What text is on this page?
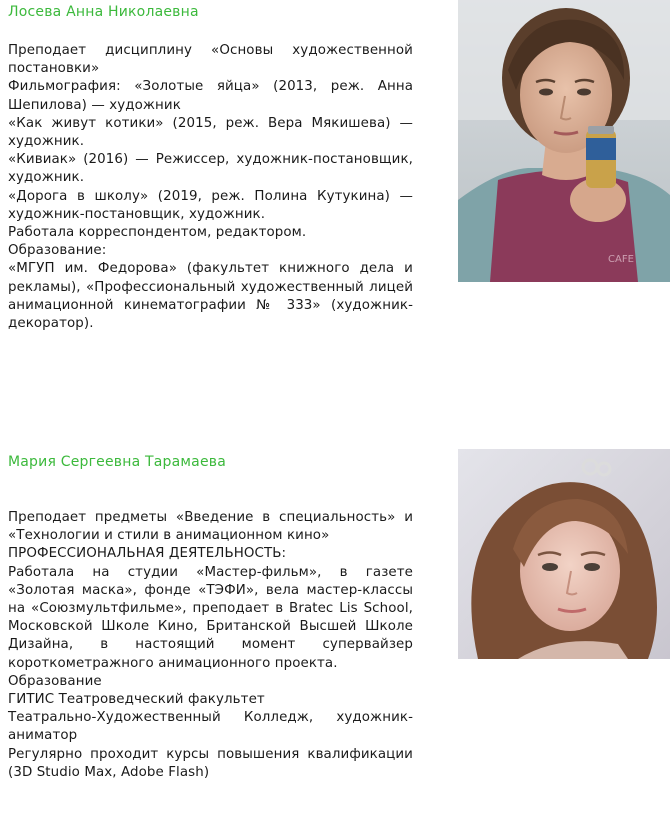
Лосева Анна Николаевна

Преподает дисциплину «Основы художественной постановки»

Фильмография: «Золотые яйца» (2013, реж. Анна Шепилова) — художник

«Как живут котики» (2015, реж. Вера Мякишева) — художник.

«Кивиак» (2016) — Режиссер, художник-постановщик, художник.

«Дорога в школу» (2019, реж. Полина Кутукина) — художник-постановщик, художник.

Работала корреспондентом, редактором.

Образование:

«МГУП им. Федорова» (факультет книжного дела и рекламы), «Профессиональный художественный лицей анимационной кинематографии № 333» (художник-декоратор).

CAFE
Мария Сергеевна Тарамаева

Преподает предметы «Введение в специальность» и «Технологии и стили в анимационном кино»

ПРОФЕССИОНАЛЬНАЯ ДЕЯТЕЛЬНОСТЬ:

Работала на студии «Мастер-фильм», в газете «Золотая маска», фонде «ТЭФИ», вела мастер-классы на «Союзмультфильме», преподает в Bratec Lis School, Московской Школе Кино, Британской Высшей Школе Дизайна, в настоящий момент супервайзер короткометражного анимационного проекта.

Образование

ГИТИС Театроведческий факультет

Театрально-Художественный Колледж, художник-аниматор

Регулярно проходит курсы повышения квалификации (3D Studio Max, Adobe Flash)
